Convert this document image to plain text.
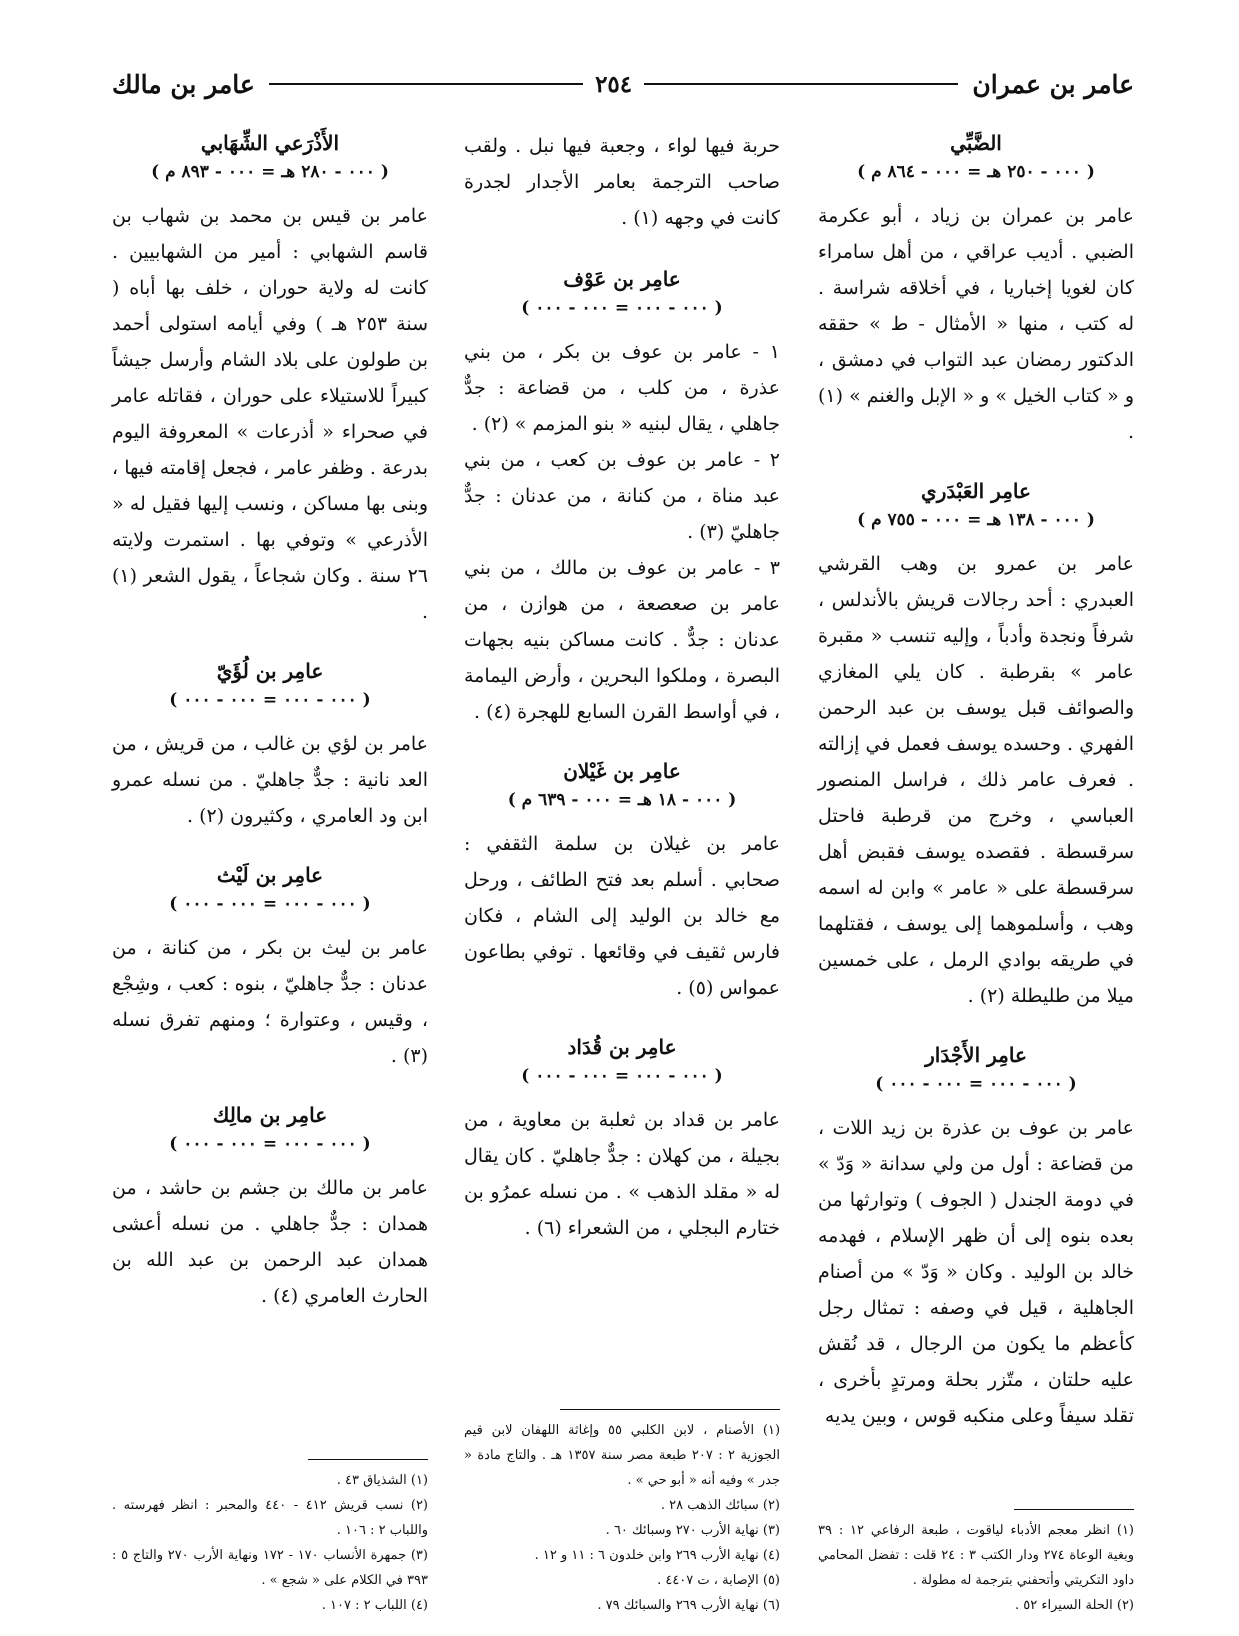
عامر بن عمران
٢٥٤
عامر بن مالك

الضَّبِّي

( ٠٠٠ - ٢٥٠ هـ = ٠٠٠ - ٨٦٤ م )

عامر بن عمران بن زياد ، أبو عكرمة الضبي . أديب عراقي ، من أهل سامراء كان لغويا إخباريا ، في أخلاقه شراسة . له كتب ، منها « الأمثال - ط » حققه الدكتور رمضان عبد التواب في دمشق ، و « كتاب الخيل » و « الإبل والغنم » (١) .

عامِر العَبْدَري

( ٠٠٠ - ١٣٨ هـ = ٠٠٠ - ٧٥٥ م )

عامر بن عمرو بن وهب القرشي العبدري : أحد رجالات قريش بالأندلس ، شرفاً ونجدة وأدباً ، وإليه تنسب « مقبرة عامر » بقرطبة . كان يلي المغازي والصوائف قبل يوسف بن عبد الرحمن الفهري . وحسده يوسف فعمل في إزالته . فعرف عامر ذلك ، فراسل المنصور العباسي ، وخرج من قرطبة فاحتل سرقسطة . فقصده يوسف فقبض أهل سرقسطة على « عامر » وابن له اسمه وهب ، وأسلموهما إلى يوسف ، فقتلهما في طريقه بوادي الرمل ، على خمسين ميلا من طليطلة (٢) .

عامِر الأَجْدَار

( ٠٠٠ - ٠٠٠ = ٠٠٠ - ٠٠٠ )

عامر بن عوف بن عذرة بن زيد اللات ، من قضاعة : أول من ولي سدانة « وَدّ » في دومة الجندل ( الجوف ) وتوارثها من بعده بنوه إلى أن ظهر الإسلام ، فهدمه خالد بن الوليد . وكان « وَدّ » من أصنام الجاهلية ، قيل في وصفه : تمثال رجل كأعظم ما يكون من الرجال ، قد نُقش عليه حلتان ، متّزر بحلة ومرتدٍ بأخرى ، تقلد سيفاً وعلى منكبه قوس ، وبين يديه

(١) انظر معجم الأدباء لياقوت ، طبعة الرفاعي ١٢ : ٣٩ وبغية الوعاة ٢٧٤ ودار الكتب ٣ : ٢٤ قلت : تفضل المحامي داود التكريتي وأتحفني بترجمة له مطولة .

(٢) الحلة السيراء ٥٢ .

حربة فيها لواء ، وجعبة فيها نبل . ولقب صاحب الترجمة بعامر الأجدار لجدرة كانت في وجهه (١) .

عامِر بن عَوْف

( ٠٠٠ - ٠٠٠ = ٠٠٠ - ٠٠٠ )

١ - عامر بن عوف بن بكر ، من بني عذرة ، من كلب ، من قضاعة : جدٌّ جاهلي ، يقال لبنيه « بنو المزمم » (٢) .

٢ - عامر بن عوف بن كعب ، من بني عبد مناة ، من كنانة ، من عدنان : جدٌّ جاهليّ (٣) .

٣ - عامر بن عوف بن مالك ، من بني عامر بن صعصعة ، من هوازن ، من عدنان : جدٌّ . كانت مساكن بنيه بجهات البصرة ، وملكوا البحرين ، وأرض اليمامة ، في أواسط القرن السابع للهجرة (٤) .

عامِر بن غَيْلان

( ٠٠٠ - ١٨ هـ = ٠٠٠ - ٦٣٩ م )

عامر بن غيلان بن سلمة الثقفي : صحابي . أسلم بعد فتح الطائف ، ورحل مع خالد بن الوليد إلى الشام ، فكان فارس ثقيف في وقائعها . توفي بطاعون عمواس (٥) .

عامِر بن قُدَاد

( ٠٠٠ - ٠٠٠ = ٠٠٠ - ٠٠٠ )

عامر بن قداد بن ثعلبة بن معاوية ، من بجيلة ، من كهلان : جدٌّ جاهليّ . كان يقال له « مقلد الذهب » . من نسله عمرُو بن ختارم البجلي ، من الشعراء (٦) .

(١) الأصنام ، لابن الكلبي ٥٥ وإغاثة اللهفان لابن قيم الجوزية ٢ : ٢٠٧ طبعة مصر سنة ١٣٥٧ هـ . والتاج مادة « جدر » وفيه أنه « أبو حي » .

(٢) سبائك الذهب ٢٨ .

(٣) نهاية الأرب ٢٧٠ وسبائك ٦٠ .

(٤) نهاية الأرب ٢٦٩ وابن خلدون ٦ : ١١ و ١٢ .

(٥) الإصابة ، ت ٤٤٠٧ .

(٦) نهاية الأرب ٢٦٩ والسبائك ٧٩ .

الأَذْرَعي الشِّهَابي

( ٠٠٠ - ٢٨٠ هـ = ٠٠٠ - ٨٩٣ م )

عامر بن قيس بن محمد بن شهاب بن قاسم الشهابي : أمير من الشهابيين . كانت له ولاية حوران ، خلف بها أباه ( سنة ٢٥٣ هـ ) وفي أيامه استولى أحمد بن طولون على بلاد الشام وأرسل جيشاً كبيراً للاستيلاء على حوران ، فقاتله عامر في صحراء « أذرعات » المعروفة اليوم بدرعة . وظفر عامر ، فجعل إقامته فيها ، وبنى بها مساكن ، ونسب إليها فقيل له « الأذرعي » وتوفي بها . استمرت ولايته ٢٦ سنة . وكان شجاعاً ، يقول الشعر (١) .

عامِر بن لُؤَيّ

( ٠٠٠ - ٠٠٠ = ٠٠٠ - ٠٠٠ )

عامر بن لؤي بن غالب ، من قريش ، من العد نانية : جدٌّ جاهليّ . من نسله عمرو ابن ود العامري ، وكثيرون (٢) .

عامِر بن لَيْث

( ٠٠٠ - ٠٠٠ = ٠٠٠ - ٠٠٠ )

عامر بن ليث بن بكر ، من كنانة ، من عدنان : جدٌّ جاهليّ ، بنوه : كعب ، وشِجْع ، وقيس ، وعتوارة ؛ ومنهم تفرق نسله (٣) .

عامِر بن مالِك

( ٠٠٠ - ٠٠٠ = ٠٠٠ - ٠٠٠ )

عامر بن مالك بن جشم بن حاشد ، من همدان : جدٌّ جاهلي . من نسله أعشى همدان عبد الرحمن بن عبد الله بن الحارث العامري (٤) .

(١) الشذياق ٤٣ .

(٢) نسب قريش ٤١٢ - ٤٤٠ والمحبر : انظر فهرسته . واللباب ٢ : ١٠٦ .

(٣) جمهرة الأنساب ١٧٠ - ١٧٢ ونهاية الأرب ٢٧٠ والتاج ٥ : ٣٩٣ في الكلام على « شجع » .

(٤) اللباب ٢ : ١٠٧ .
